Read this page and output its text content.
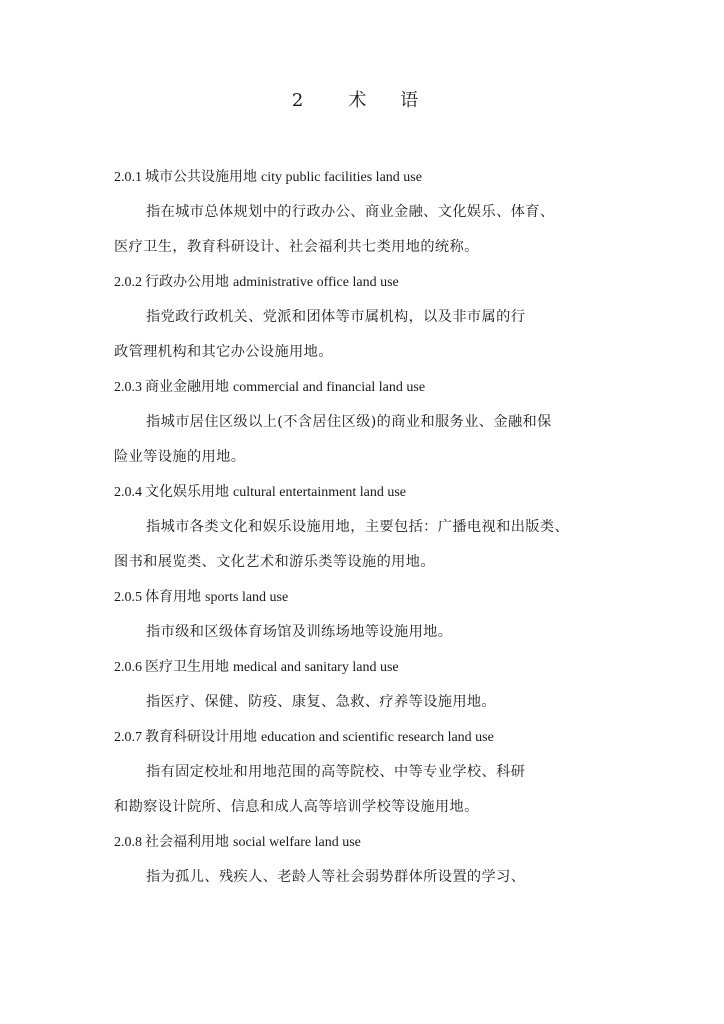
2 术 语
2.0.1 城市公共设施用地 city public facilities land use
指在城市总体规划中的行政办公、商业金融、文化娱乐、体育、
医疗卫生，教育科研设计、社会福利共七类用地的统称。
2.0.2 行政办公用地 administrative office land use
指党政行政机关、党派和团体等市属机构，以及非市属的行
政管理机构和其它办公设施用地。
2.0.3 商业金融用地 commercial and financial land use
指城市居住区级以上(不含居住区级)的商业和服务业、金融和保
险业等设施的用地。
2.0.4 文化娱乐用地 cultural entertainment land use
指城市各类文化和娱乐设施用地，主要包括：广播电视和出版类、
图书和展览类、文化艺术和游乐类等设施的用地。
2.0.5 体育用地 sports land use
指市级和区级体育场馆及训练场地等设施用地。
2.0.6 医疗卫生用地 medical and sanitary land use
指医疗、保健、防疫、康复、急救、疗养等设施用地。
2.0.7 教育科研设计用地 education and scientific research land use
指有固定校址和用地范围的高等院校、中等专业学校、科研
和勘察设计院所、信息和成人高等培训学校等设施用地。
2.0.8 社会福利用地 social welfare land use
指为孤儿、残疾人、老龄人等社会弱势群体所设置的学习、
